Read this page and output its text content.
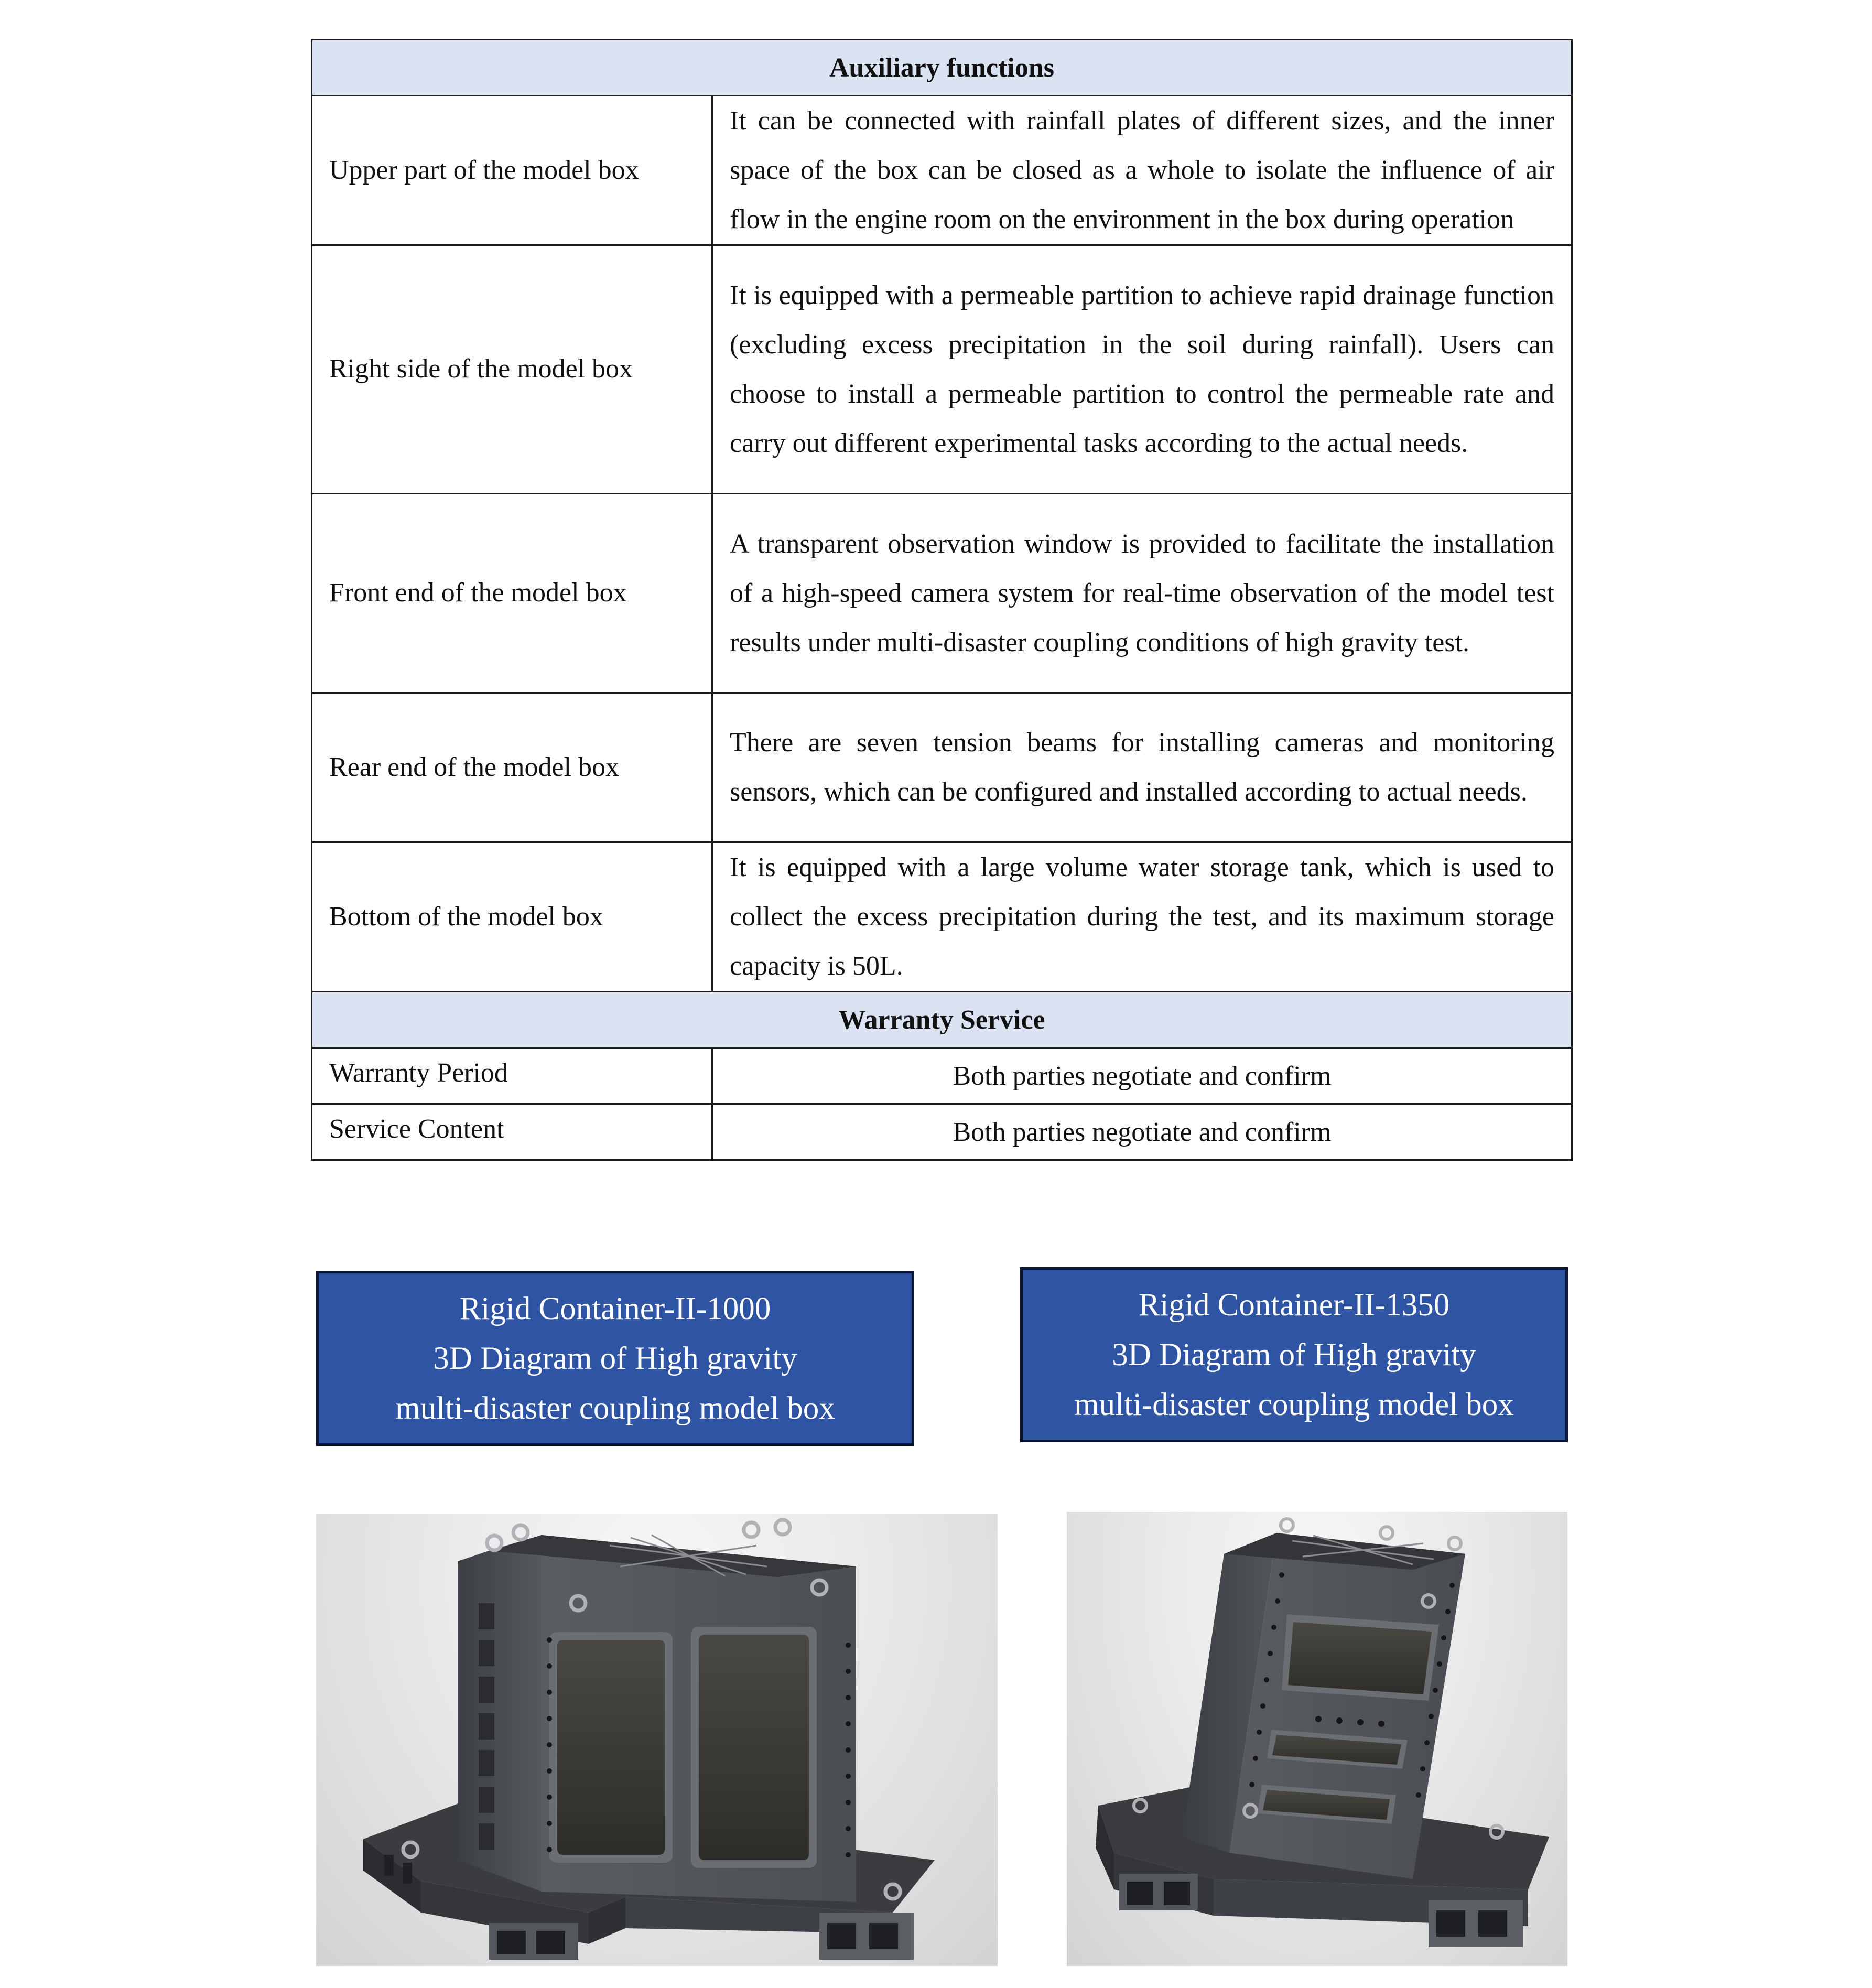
Auxiliary functions	
Upper part of the model box	It can be connected with rainfall plates of different sizes, and the inner space of the box can be closed as a whole to isolate the influence of air flow in the engine room on the environment in the box during operation
Right side of the model box	It is equipped with a permeable partition to achieve rapid drainage function (excluding excess precipitation in the soil during rainfall). Users can choose to install a permeable partition to control the permeable rate and carry out different experimental tasks according to the actual needs.
Front end of the model box	A transparent observation window is provided to facilitate the installation of a high-speed camera system for real-time observation of the model test results under multi-disaster coupling conditions of high gravity test.
Rear end of the model box	There are seven tension beams for installing cameras and monitoring sensors, which can be configured and installed according to actual needs.
Bottom of the model box	It is equipped with a large volume water storage tank, which is used to collect the excess precipitation during the test, and its maximum storage capacity is 50L.
Warranty Service	
Warranty Period	Both parties negotiate and confirm
Service Content	Both parties negotiate and confirm
Rigid Container-II-1000
3D Diagram of High gravity
multi-disaster coupling model box
Rigid Container-II-1350
3D Diagram of High gravity
multi-disaster coupling model box
